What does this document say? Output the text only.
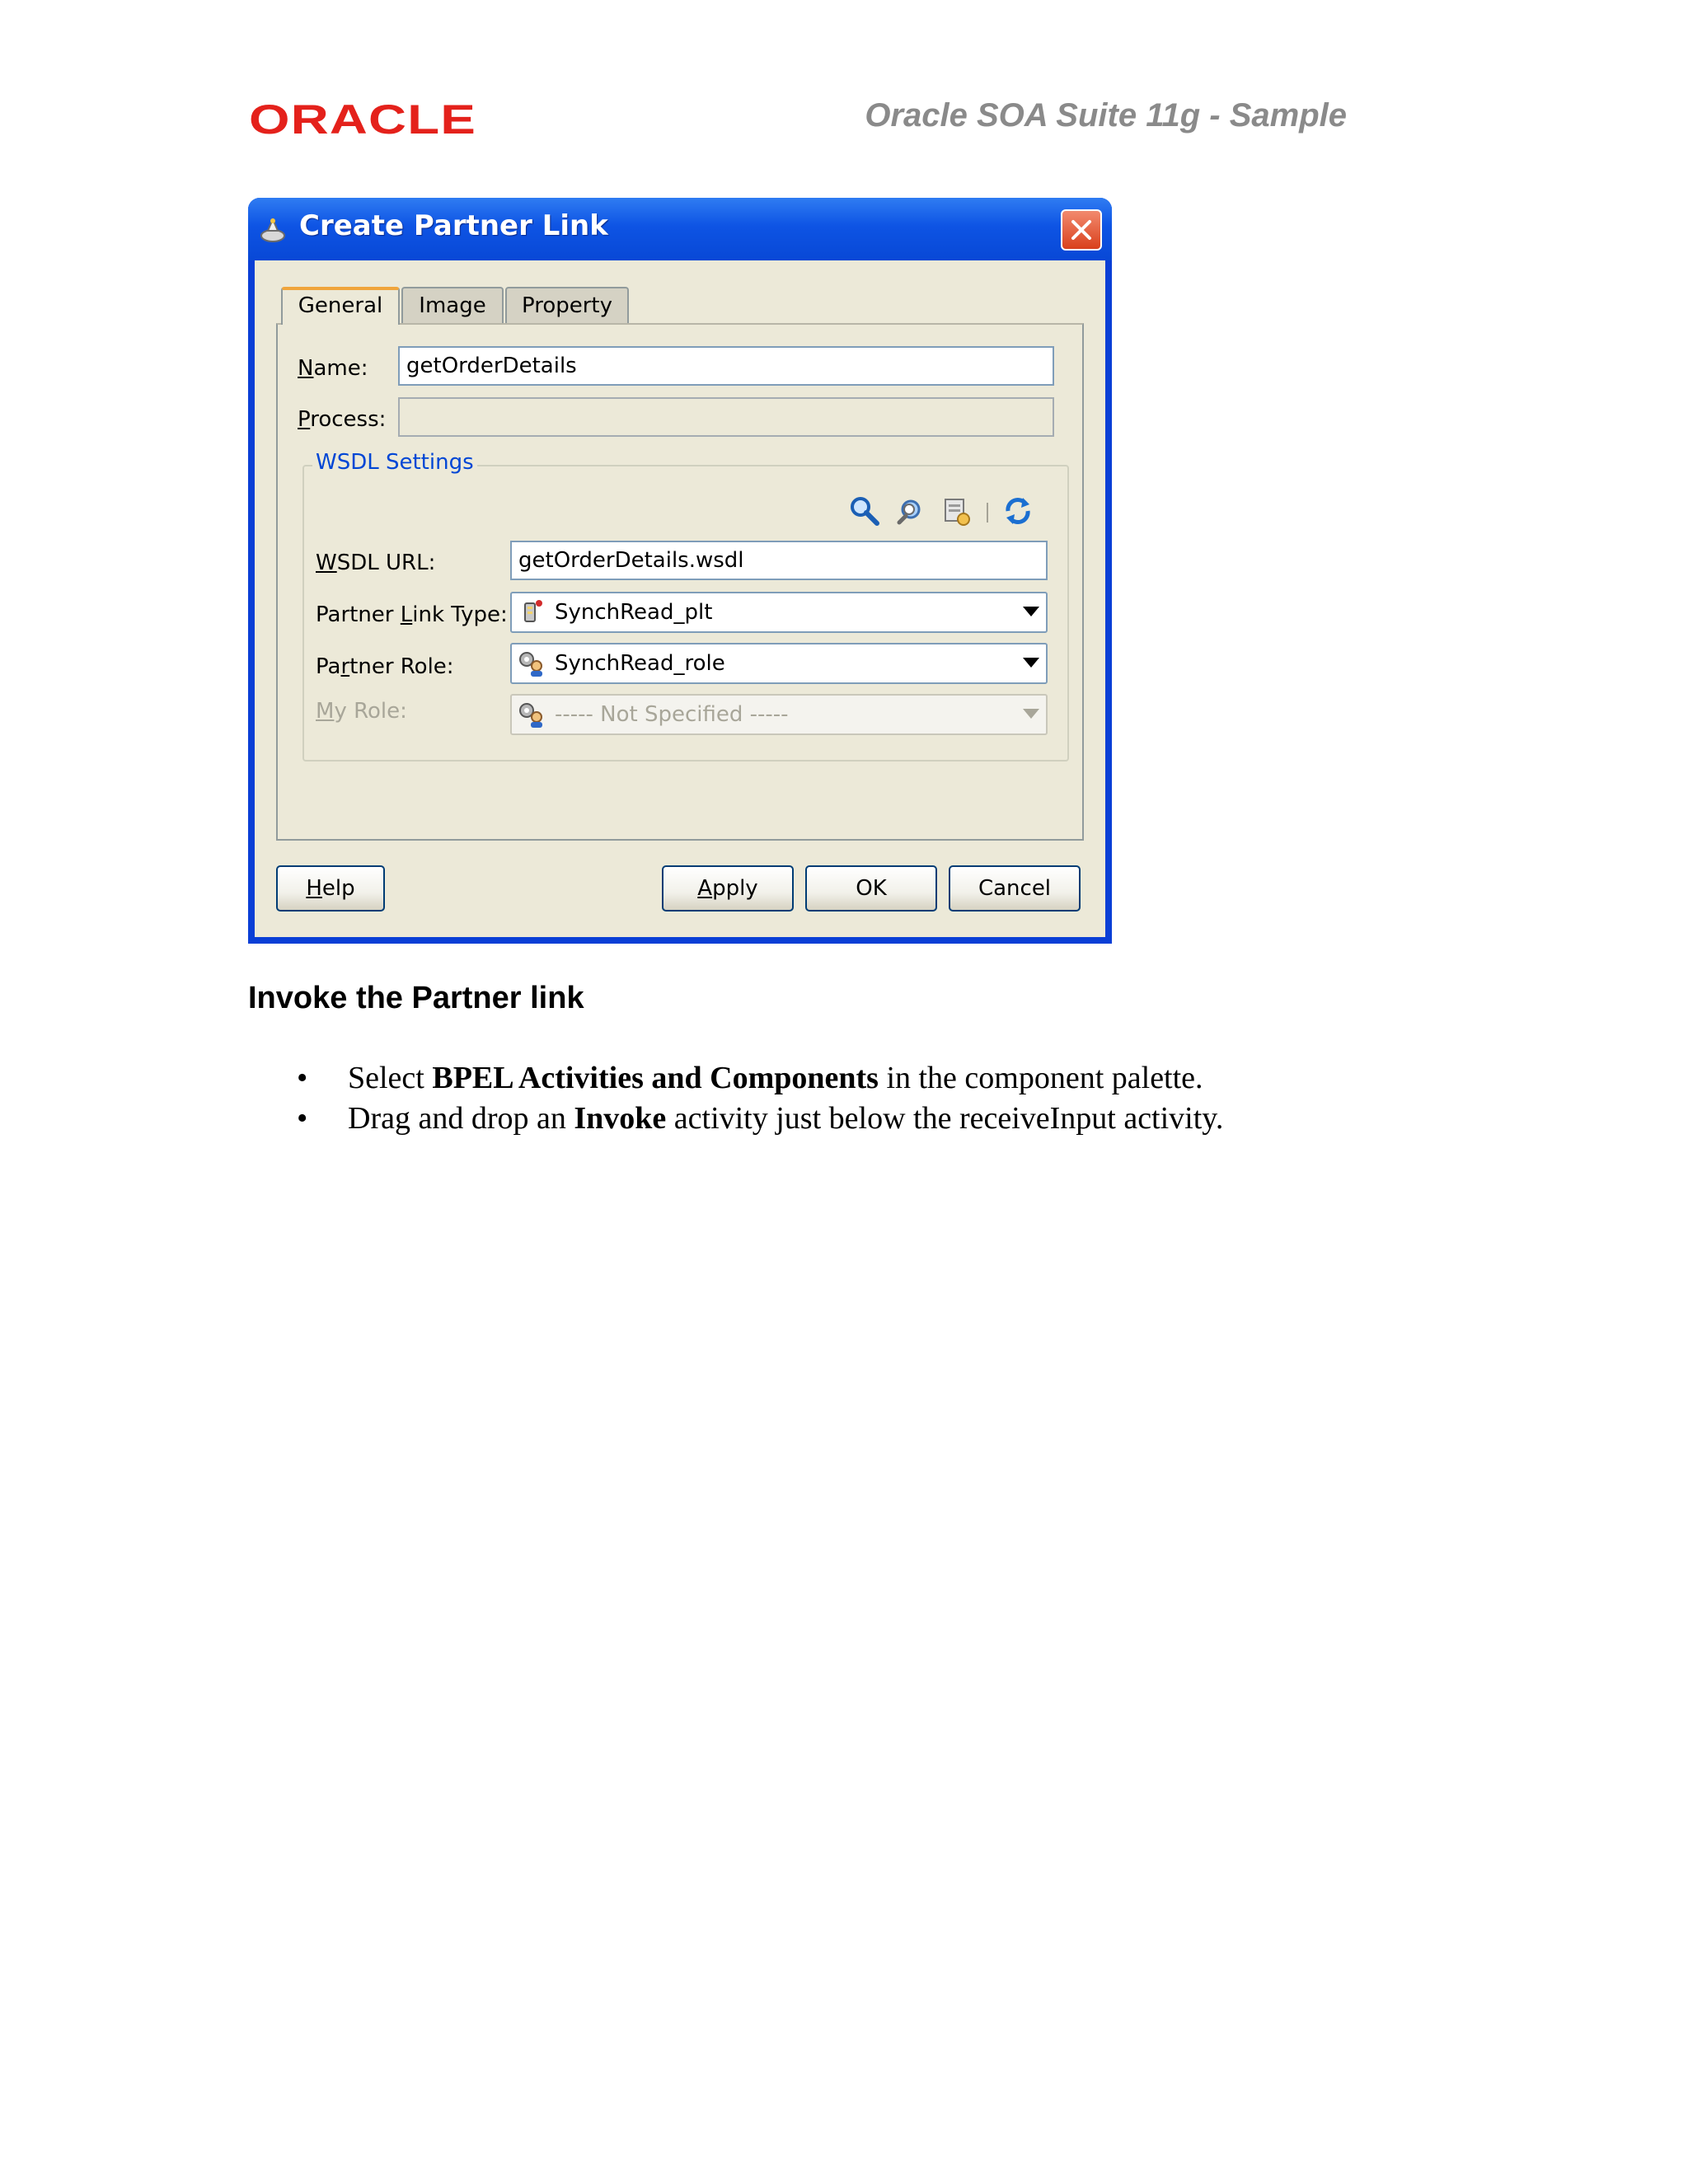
ORACLE	Oracle SOA Suite 11g - Sample
Create Partner Link
General	Image	Property
Name:	getOrderDetails
Process:
WSDL Settings
WSDL URL:	getOrderDetails.wsdl
Partner Link Type: SynchRead_plt
Partner Role:	SynchRead_role
My Role:	----- Not Specified -----
Help	Apply	OK	Cancel
Invoke the Partner link
• Select BPEL Activities and Components in the component palette.
• Drag and drop an Invoke activity just below the receiveInput activity.
